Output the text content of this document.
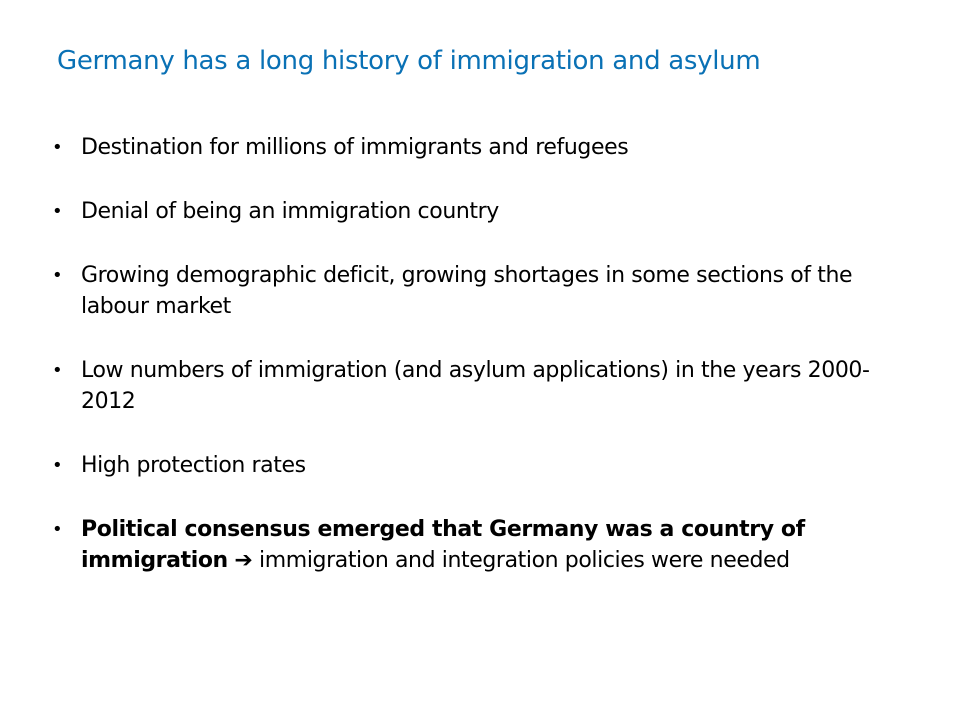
Germany has a long history of immigration and asylum
• Destination for millions of immigrants and refugees
• Denial of being an immigration country
• Growing demographic deficit, growing shortages in some sections of the labour market
• Low numbers of immigration (and asylum applications) in the years 2000-2012
• High protection rates
• Political consensus emerged that Germany was a country of immigration ➔ immigration and integration policies were needed
